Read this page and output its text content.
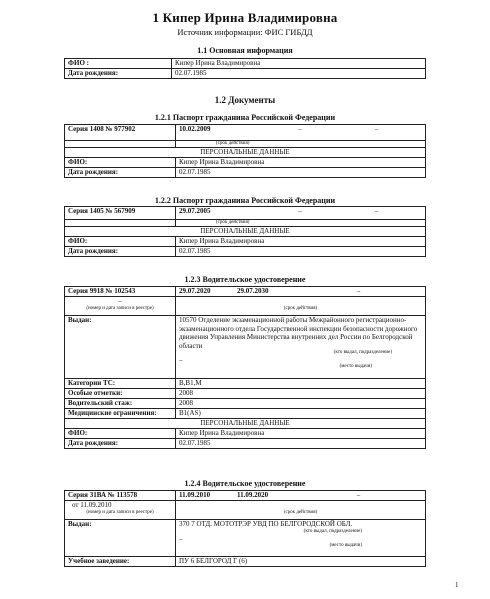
1 Кипер Ирина Владимировна
Источник информации: ФИС ГИБДД
1.1 Основная информация
ФИО :	Кипер Ирина Владимировна
Дата рождения:	02.07.1985
1.2 Документы
1.2.1 Паспорт гражданина Российской Федерации
Серия 1408 № 977902	10.02.2009	–	–
	(срок действия)		
ПЕРСОНАЛЬНЫЕ ДАННЫЕ			
ФИО:	Кипер Ирина Владимировна		
Дата рождения:	02.07.1985		
1.2.2 Паспорт гражданина Российской Федерации
Серия 1405 № 567909	29.07.2005	–	–
	(срок действия)		
ПЕРСОНАЛЬНЫЕ ДАННЫЕ			
ФИО:	Кипер Ирина Владимировна		
Дата рождения:	02.07.1985		
1.2.3 Водительское удостоверение
Серия 9918 № 102543	29.07.2020	29.07.2030	–

–
(номер и дата записи в реестре)	(срок действия)		

Выдан:	10570 Отделение экзаменационной работы Межрайонного регистрационно-экзаменационного отдела Государственной инспекции безопасности дорожного движения Управления Министерства внутренних дел России по Белгородской области
(кто выдал, подразделение)
–
(место выдачи)		

Категории ТС:	B,B1,M		
Особые отметки:	2008		
Водительский стаж:	2008		
Медицинские ограничения:	B1(AS)		
ПЕРСОНАЛЬНЫЕ ДАННЫЕ			
ФИО:	Кипер Ирина Владимировна		
Дата рождения:	02.07.1985		
1.2.4 Водительское удостоверение
Серия 31ВА № 113578	11.09.2010	11.09.2020	–

от 11.09.2010
(номер и дата записи в реестре)	(срок действия)		

Выдан:	370 7 ОТД. МОТОТРЭР УВД ПО БЕЛГОРОДСКОЙ ОБЛ.
(кто выдал, подразделение)
–
(место выдачи)		

Учебное заведение:	ПУ 6 БЕЛГОРОД Г (6)		
1
